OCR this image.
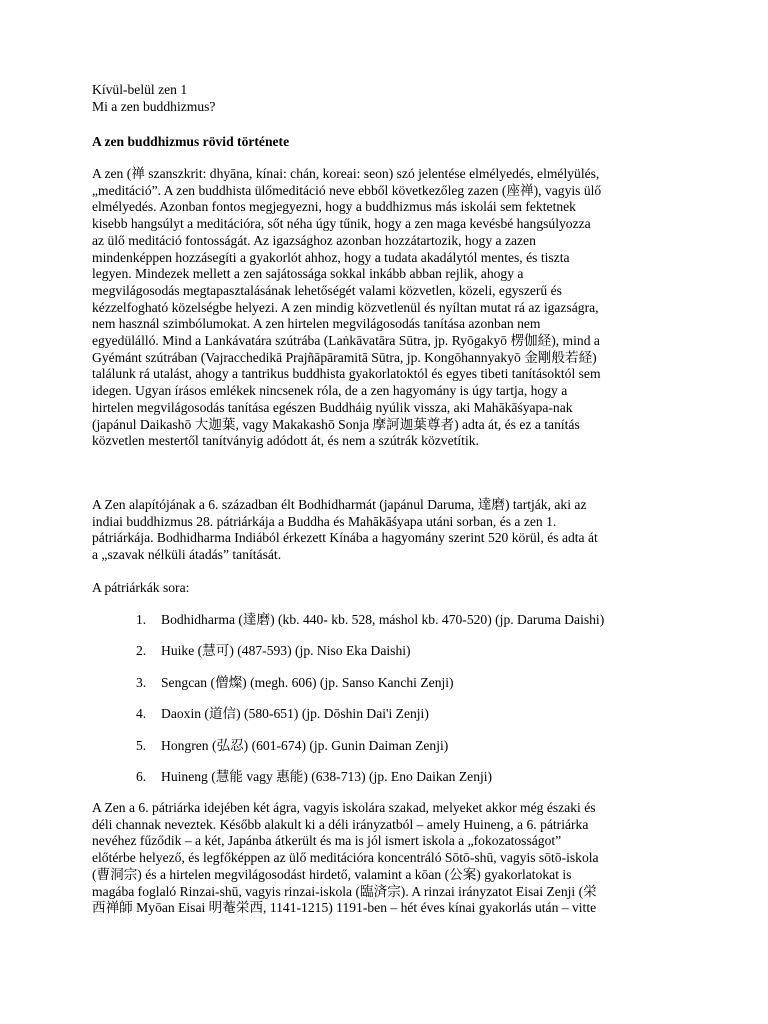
Kívül-belül zen 1

Mi a zen buddhizmus?

A zen buddhizmus rövid története
A zen (禅 szanszkrit: dhyāna, kínai: chán, koreai: seon) szó jelentése elmélyedés, elmélyülés,
„meditáció”. A zen buddhista ülőmeditáció neve ebből következőleg zazen (座禅), vagyis ülő
elmélyedés. Azonban fontos megjegyezni, hogy a buddhizmus más iskolái sem fektetnek
kisebb hangsúlyt a meditációra, sőt néha úgy tűnik, hogy a zen maga kevésbé hangsúlyozza
az ülő meditáció fontosságát. Az igazsághoz azonban hozzátartozik, hogy a zazen
mindenképpen hozzásegíti a gyakorlót ahhoz, hogy a tudata akadálytól mentes, és tiszta
legyen. Mindezek mellett a zen sajátossága sokkal inkább abban rejlik, ahogy a
megvilágosodás megtapasztalásának lehetőségét valami közvetlen, közeli, egyszerű és
kézzelfogható közelségbe helyezi. A zen mindig közvetlenül és nyíltan mutat rá az igazságra,
nem használ szimbólumokat. A zen hirtelen megvilágosodás tanítása azonban nem
egyedülálló. Mind a Lankávatára szútrába (Laṅkāvatāra Sūtra, jp. Ryōgakyō 楞伽経), mind a
Gyémánt szútrában (Vajracchedikā Prajñāpāramitā Sūtra, jp. Kongōhannyakyō 金剛般若経)
találunk rá utalást, ahogy a tantrikus buddhista gyakorlatoktól és egyes tibeti tanításoktól sem
idegen. Ugyan írásos emlékek nincsenek róla, de a zen hagyomány is úgy tartja, hogy a
hirtelen megvilágosodás tanítása egészen Buddháig nyúlik vissza, aki Mahākāśyapa-nak
(japánul Daikashō 大迦葉, vagy Makakashō Sonja 摩訶迦葉尊者) adta át, és ez a tanítás
közvetlen mestertől tanítványig adódott át, és nem a szútrák közvetítik.
A Zen alapítójának a 6. században élt Bodhidharmát (japánul Daruma, 達磨) tartják, aki az
indiai buddhizmus 28. pátriárkája a Buddha és Mahākāśyapa utáni sorban, és a zen 1.
pátriárkája. Bodhidharma Indiából érkezett Kínába a hagyomány szerint 520 körül, és adta át
a „szavak nélküli átadás” tanítását.

A pátriárkák sora:

1. Bodhidharma (達磨) (kb. 440- kb. 528, máshol kb. 470-520) (jp. Daruma Daishi)
2. Huike (慧可) (487-593) (jp. Niso Eka Daishi)
3. Sengcan (僧燦) (megh. 606) (jp. Sanso Kanchi Zenji)
4. Daoxin (道信) (580-651) (jp. Dōshin Dai'i Zenji)
5. Hongren (弘忍) (601-674) (jp. Gunin Daiman Zenji)
6. Huineng (慧能 vagy 惠能) (638-713) (jp. Eno Daikan Zenji)
A Zen a 6. pátriárka idejében két ágra, vagyis iskolára szakad, melyeket akkor még északi és
déli channak neveztek. Később alakult ki a déli irányzatból – amely Huineng, a 6. pátriárka
nevéhez fűződik – a két, Japánba átkerült és ma is jól ismert iskola a „fokozatosságot”
előtérbe helyező, és legfőképpen az ülő meditációra koncentráló Sōtō-shū, vagyis sōtō-iskola
(曹洞宗) és a hirtelen megvilágosodást hirdető, valamint a kōan (公案) gyakorlatokat is
magába foglaló Rinzai-shū, vagyis rinzai-iskola (臨済宗). A rinzai irányzatot Eisai Zenji (栄
西禅師 Myōan Eisai 明菴栄西, 1141-1215) 1191-ben – hét éves kínai gyakorlás után – vitte
